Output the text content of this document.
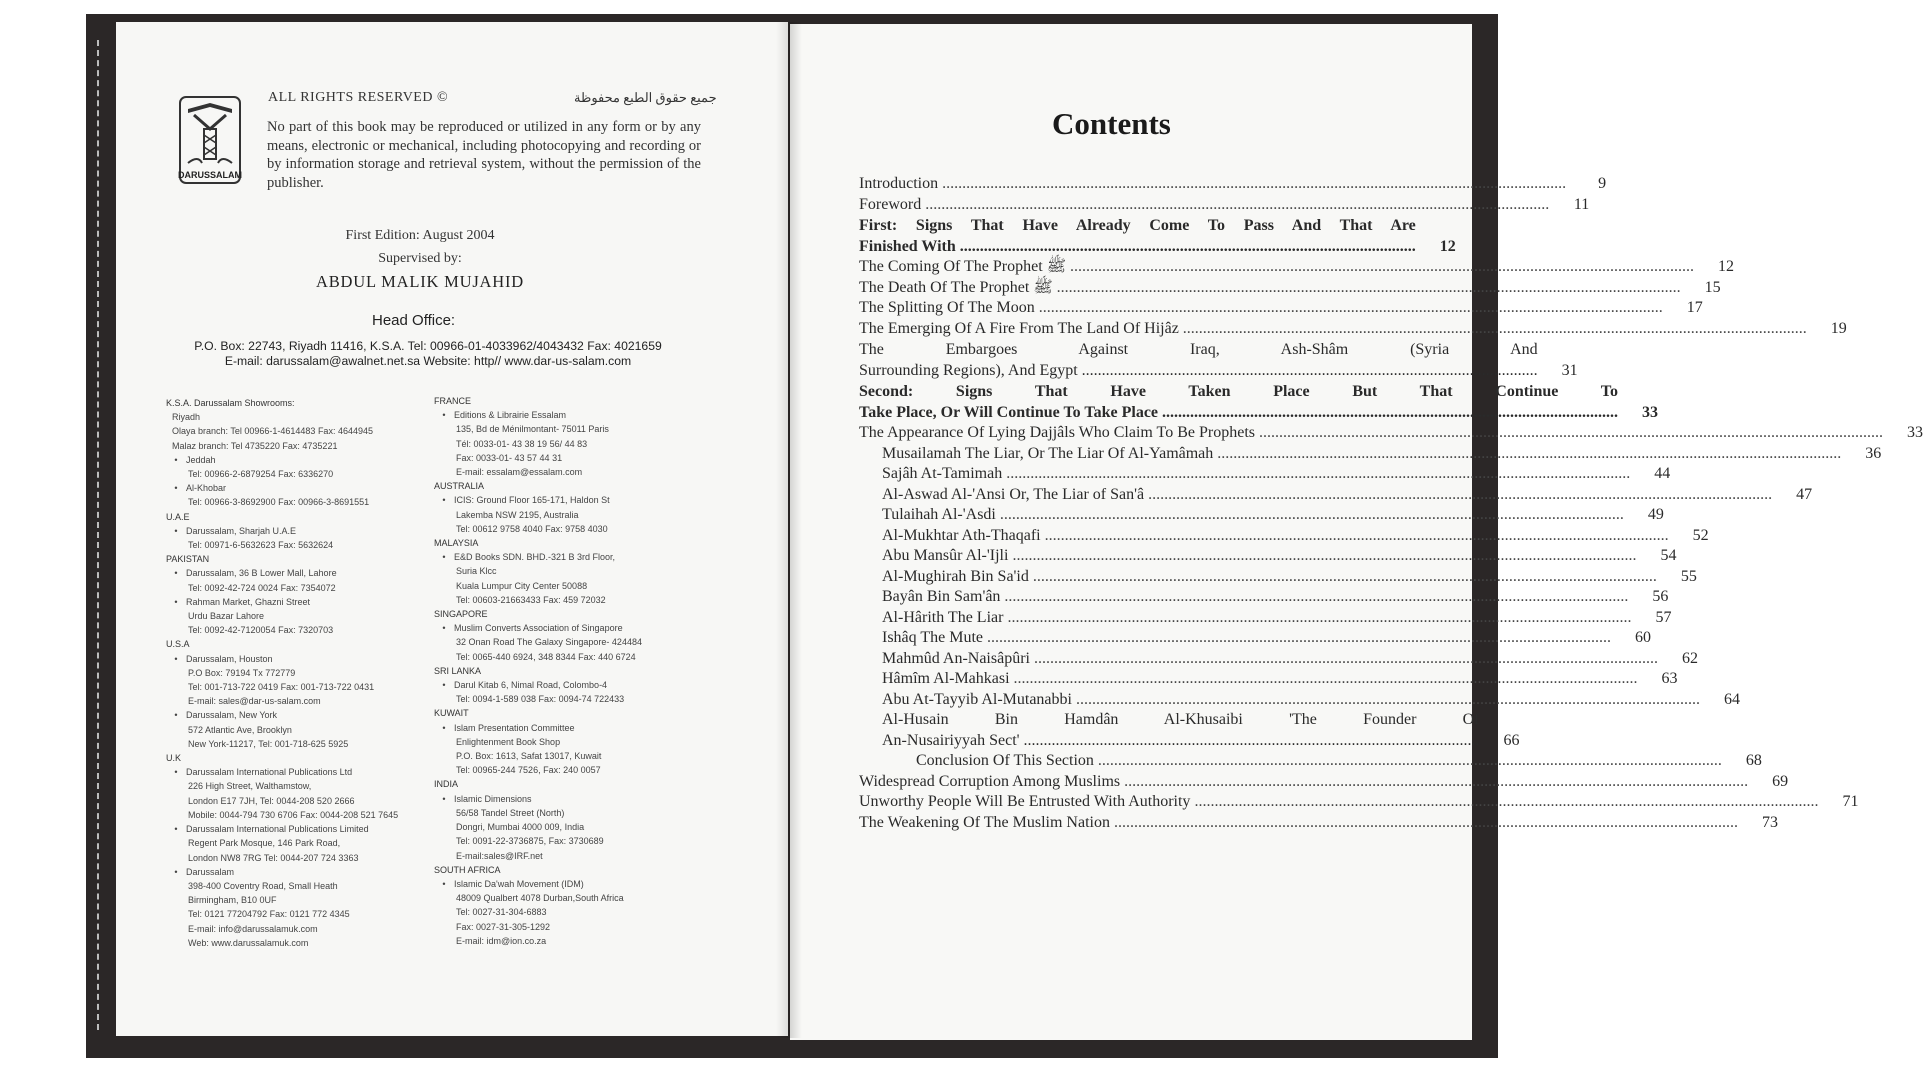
DARUSSALAM
ALL RIGHTS RESERVED ©	جميع حقوق الطبع محفوظة
No part of this book may be reproduced or utilized in any form or by any means, electronic or mechanical, including photocopying and recording or by information storage and retrieval system, without the permission of the publisher.
First Edition: August 2004
Supervised by:
ABDUL MALIK MUJAHID
Head Office:
P.O. Box: 22743, Riyadh 11416, K.S.A. Tel: 00966-01-4033962/4043432 Fax: 4021659
E-mail: darussalam@awalnet.net.sa Website: http// www.dar-us-salam.com
K.S.A. Darussalam Showrooms:
Riyadh
Olaya branch: Tel 00966-1-4614483 Fax: 4644945
Malaz branch: Tel 4735220 Fax: 4735221
• Jeddah
Tel: 00966-2-6879254 Fax: 6336270
• Al-Khobar
Tel: 00966-3-8692900 Fax: 00966-3-8691551
U.A.E
• Darussalam, Sharjah U.A.E
Tel: 00971-6-5632623 Fax: 5632624
PAKISTAN
• Darussalam, 36 B Lower Mall, Lahore
Tel: 0092-42-724 0024 Fax: 7354072
• Rahman Market, Ghazni Street
Urdu Bazar Lahore
Tel: 0092-42-7120054 Fax: 7320703
U.S.A
• Darussalam, Houston
P.O Box: 79194 Tx 772779
Tel: 001-713-722 0419 Fax: 001-713-722 0431
E-mail: sales@dar-us-salam.com
• Darussalam, New York
572 Atlantic Ave, Brooklyn
New York-11217, Tel: 001-718-625 5925
U.K
• Darussalam International Publications Ltd
226 High Street, Walthamstow,
London E17 7JH, Tel: 0044-208 520 2666
Mobile: 0044-794 730 6706 Fax: 0044-208 521 7645
• Darussalam International Publications Limited
Regent Park Mosque, 146 Park Road,
London NW8 7RG Tel: 0044-207 724 3363
• Darussalam
398-400 Coventry Road, Small Heath
Birmingham, B10 0UF
Tel: 0121 77204792 Fax: 0121 772 4345
E-mail: info@darussalamuk.com
Web: www.darussalamuk.com
FRANCE
• Editions & Librairie Essalam
135, Bd de Ménilmontant- 75011 Paris
Tél: 0033-01- 43 38 19 56/ 44 83
Fax: 0033-01- 43 57 44 31
E-mail: essalam@essalam.com
AUSTRALIA
• ICIS: Ground Floor 165-171, Haldon St
Lakemba NSW 2195, Australia
Tel: 00612 9758 4040 Fax: 9758 4030
MALAYSIA
• E&D Books SDN. BHD.-321 B 3rd Floor,
Suria Klcc
Kuala Lumpur City Center 50088
Tel: 00603-21663433 Fax: 459 72032
SINGAPORE
• Muslim Converts Association of Singapore
32 Onan Road The Galaxy Singapore- 424484
Tel: 0065-440 6924, 348 8344 Fax: 440 6724
SRI LANKA
• Darul Kitab 6, Nimal Road, Colombo-4
Tel: 0094-1-589 038 Fax: 0094-74 722433
KUWAIT
• Islam Presentation Committee
Enlightenment Book Shop
P.O. Box: 1613, Safat 13017, Kuwait
Tel: 00965-244 7526, Fax: 240 0057
INDIA
• Islamic Dimensions
56/58 Tandel Street (North)
Dongri, Mumbai 4000 009, India
Tel: 0091-22-3736875, Fax: 3730689
E-mail:sales@IRF.net
SOUTH AFRICA
• Islamic Da'wah Movement (IDM)
48009 Qualbert 4078 Durban,South Africa
Tel: 0027-31-304-6883
Fax: 0027-31-305-1292
E-mail: idm@ion.co.za
Contents
Introduction .....	9
Foreword .....	11
First: Signs That Have Already Come To Pass And That Are
Finished With ..................................................................................................................	12
The Coming Of The Prophet ﷺ .....	12
The Death Of The Prophet ﷺ .....	15
The Splitting Of The Moon .....	17
The Emerging Of A Fire From The Land Of Hijâz .....	19
The Embargoes Against Iraq, Ash-Shâm (Syria And
Surrounding Regions), And Egypt ..................................................................................................................	31
Second: Signs That Have Taken Place But That Continue To
Take Place, Or Will Continue To Take Place ..................................................................................................................	33
The Appearance Of Lying Dajjâls Who Claim To Be Prophets .....	33
Musailamah The Liar, Or The Liar Of Al-Yamâmah .....	36
Sajâh At-Tamimah .....	44
Al-Aswad Al-'Ansi Or, The Liar of San'â .....	47
Tulaihah Al-'Asdi .....	49
Al-Mukhtar Ath-Thaqafi .....	52
Abu Mansûr Al-'Ijli .....	54
Al-Mughirah Bin Sa'id .....	55
Bayân Bin Sam'ân .....	56
Al-Hârith The Liar .....	57
Ishâq The Mute .....	60
Mahmûd An-Naisâpûri .....	62
Hâmîm Al-Mahkasi .....	63
Abu At-Tayyib Al-Mutanabbi .....	64
Al-Husain Bin Hamdân Al-Khusaibi 'The Founder Of
An-Nusairiyyah Sect' ..................................................................................................................	66
Conclusion Of This Section .....	68
Widespread Corruption Among Muslims .....	69
Unworthy People Will Be Entrusted With Authority .....	71
The Weakening Of The Muslim Nation .....	73
